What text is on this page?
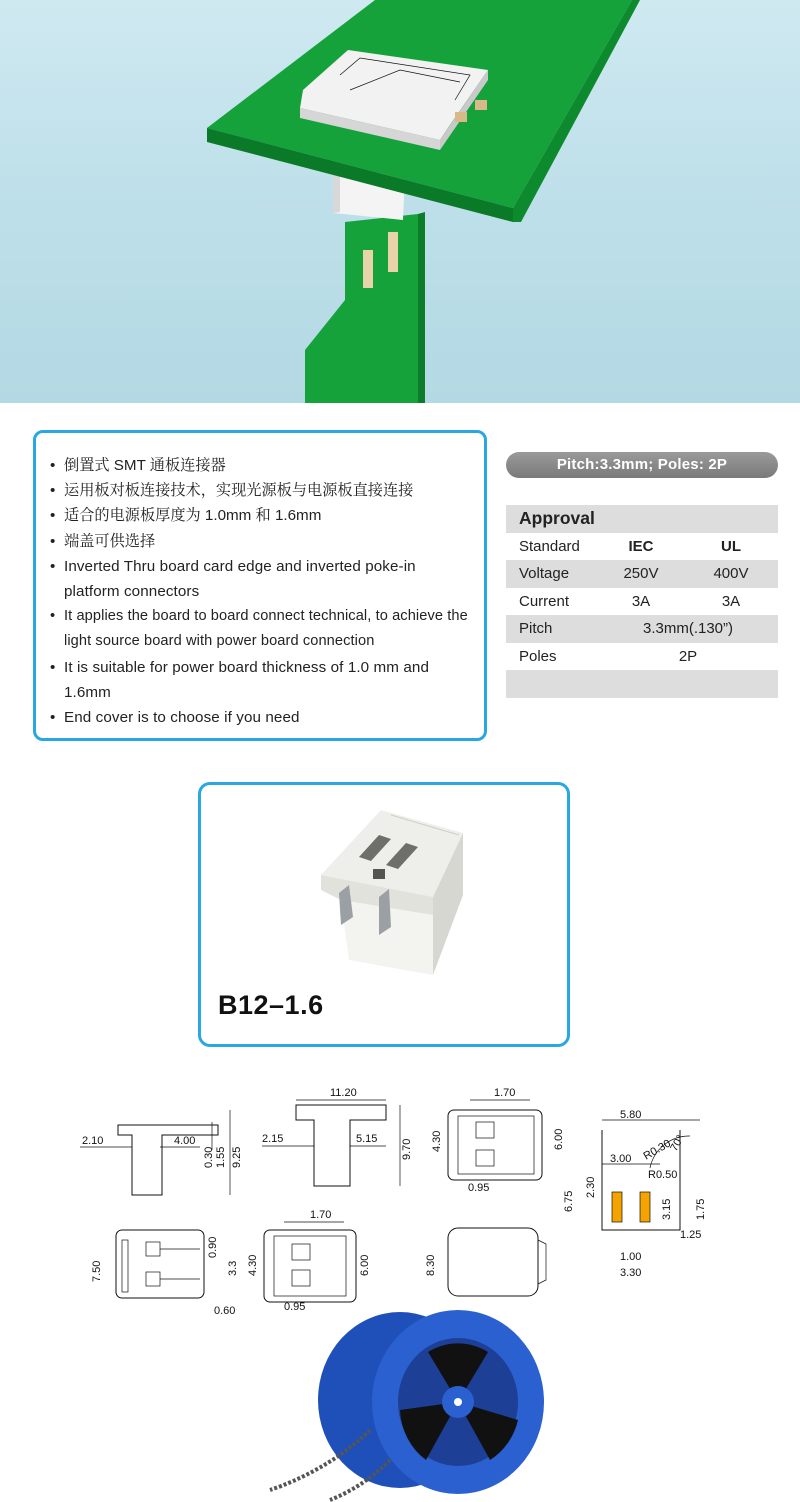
• 倒置式 SMT 通板连接器
• 运用板对板连接技术，实现光源板与电源板直接连接
• 适合的电源板厚度为 1.0mm 和 1.6mm
• 端盖可供选择
• Inverted Thru board card edge and inverted poke-in platform connectors
• It applies the board to board connect technical, to achieve the light source board with power board connection
• It is suitable for power board thickness of 1.0 mm and 1.6mm
• End cover is to choose if you need
Pitch:3.3mm; Poles: 2P
Approval
Standard	IEC	UL
Voltage	250V	400V
Current	3A	3A
Pitch	3.3mm(.130”)
Poles	2P
B12–1.6
2.10	4.00
0.30 1.55 9.25
11.20
2.15	5.15 9.70
1.70
4.30	6.00
0.95
5.80
3.00 R0.30
R0.50
70°
2.30
6.75	3.15 1.75
1.25
1.00
3.30
0.90
7.50	3.3
0.60
1.70
4.30	6.00
0.95
8.30
